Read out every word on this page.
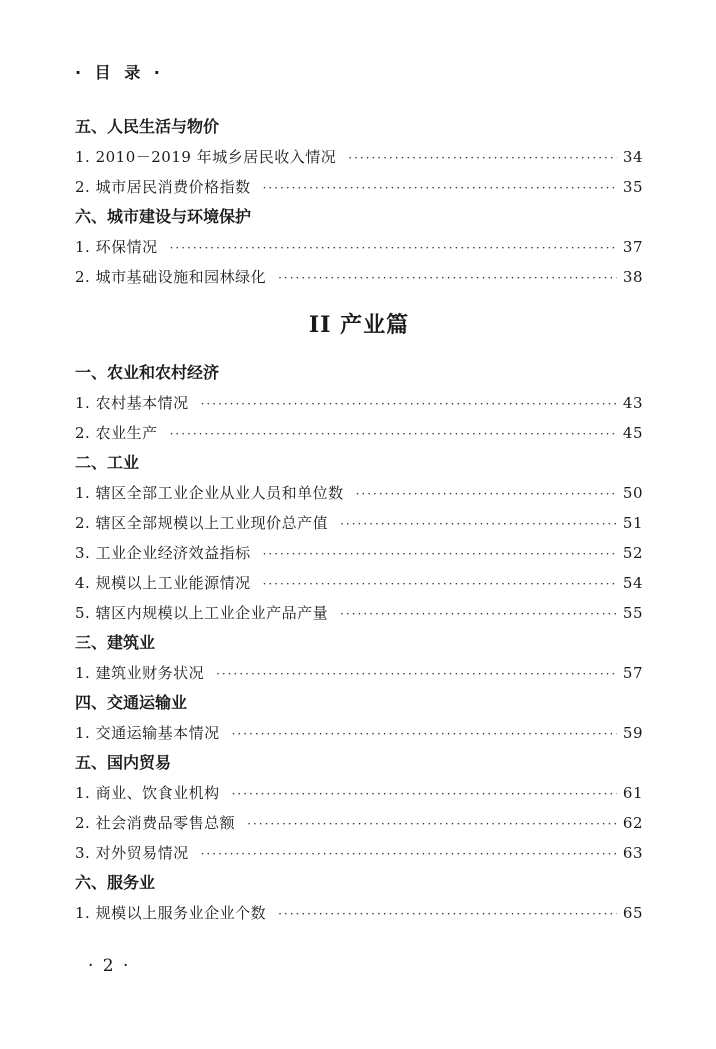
· 目 录 ·
五、人民生活与物价
1. 2010－2019 年城乡居民收入情况 ·····	34
2. 城市居民消费价格指数 ·····	35
六、城市建设与环境保护
1. 环保情况 ·····	37
2. 城市基础设施和园林绿化 ·····	38
II 产业篇
一、农业和农村经济
1. 农村基本情况 ·····	43
2. 农业生产 ·····	45
二、工业
1. 辖区全部工业企业从业人员和单位数 ·····	50
2. 辖区全部规模以上工业现价总产值 ·····	51
3. 工业企业经济效益指标 ·····	52
4. 规模以上工业能源情况 ·····	54
5. 辖区内规模以上工业企业产品产量 ·····	55
三、建筑业
1. 建筑业财务状况 ·····	57
四、交通运输业
1. 交通运输基本情况 ·····	59
五、国内贸易
1. 商业、饮食业机构 ·····	61
2. 社会消费品零售总额 ·····	62
3. 对外贸易情况 ·····	63
六、服务业
1. 规模以上服务业企业个数 ·····	65
· 2 ·
